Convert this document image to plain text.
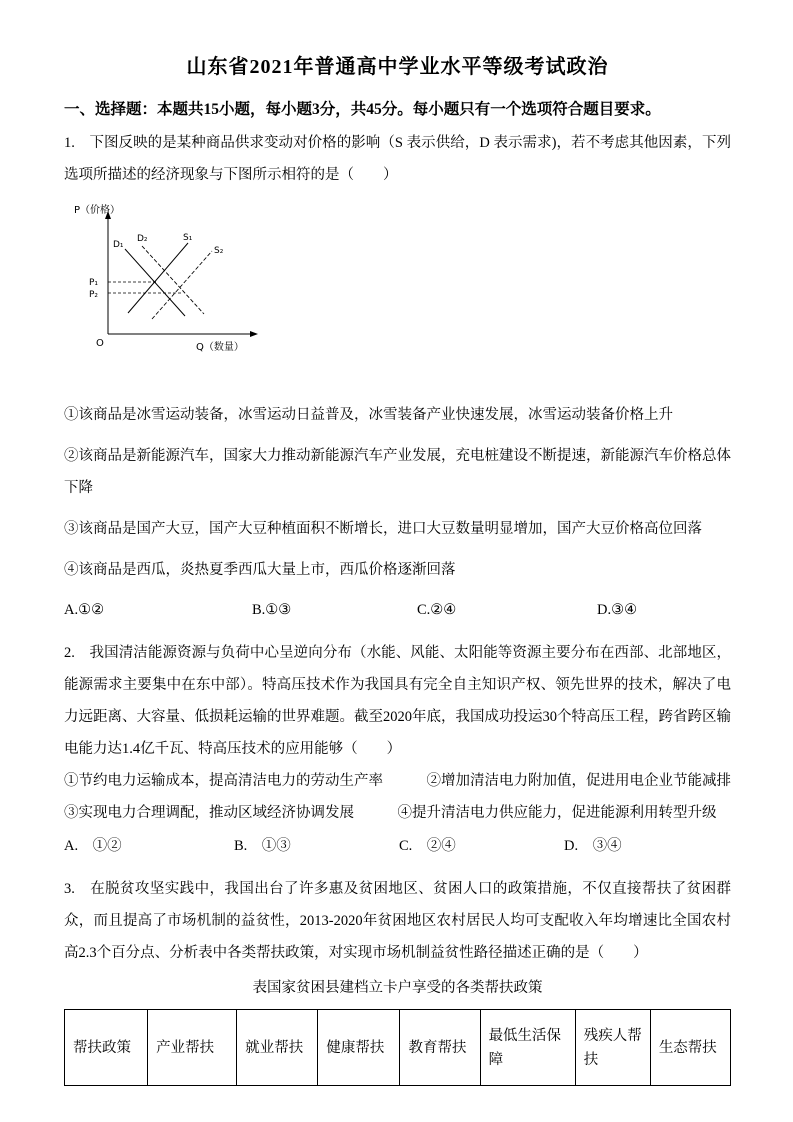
山东省2021年普通高中学业水平等级考试政治

一、选择题：本题共15小题，每小题3分，共45分。每小题只有一个选项符合题目要求。

1.　下图反映的是某种商品供求变动对价格的影响（S 表示供给，D 表示需求)，若不考虑其他因素，下列选项所描述的经济现象与下图所示相符的是（　　）

P（价格）
Q（数量）
O
P₁
P₂
D₁
D₂	S₁
S₂

①该商品是冰雪运动装备，冰雪运动日益普及，冰雪装备产业快速发展，冰雪运动装备价格上升

②该商品是新能源汽车，国家大力推动新能源汽车产业发展，充电桩建设不断提速，新能源汽车价格总体下降

③该商品是国产大豆，国产大豆种植面积不断增长，进口大豆数量明显增加，国产大豆价格高位回落

④该商品是西瓜，炎热夏季西瓜大量上市，西瓜价格逐渐回落

A.①②	B.①③	C.②④	D.③④

2.　我国清洁能源资源与负荷中心呈逆向分布（水能、风能、太阳能等资源主要分布在西部、北部地区，能源需求主要集中在东中部）。特高压技术作为我国具有完全自主知识产权、领先世界的技术，解决了电力远距离、大容量、低损耗运输的世界难题。截至2020年底，我国成功投运30个特高压工程，跨省跨区输电能力达1.4亿千瓦、特高压技术的应用能够（　　）

①节约电力运输成本，提高清洁电力的劳动生产率　　　②增加清洁电力附加值，促进用电企业节能减排

③实现电力合理调配，推动区域经济协调发展　　　④提升清洁电力供应能力，促进能源利用转型升级

A.　①②	B.　①③	C.　②④	D.　③④

3.　在脱贫攻坚实践中，我国出台了许多惠及贫困地区、贫困人口的政策措施，不仅直接帮扶了贫困群众，而且提高了市场机制的益贫性，2013-2020年贫困地区农村居民人均可支配收入年均增速比全国农村高2.3个百分点、分析表中各类帮扶政策，对实现市场机制益贫性路径描述正确的是（　　）

表国家贫困县建档立卡户享受的各类帮扶政策

帮扶政策	产业帮扶	就业帮扶	健康帮扶	教育帮扶	最低生活保障	残疾人帮扶	生态帮扶
